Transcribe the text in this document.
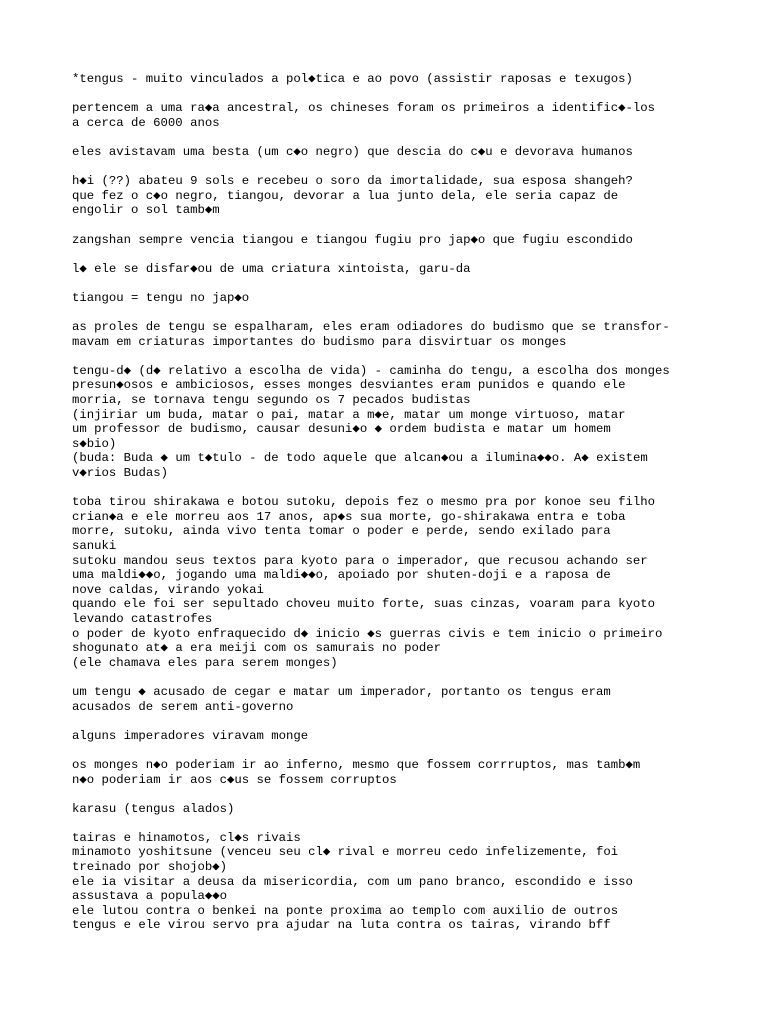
*tengus - muito vinculados a pol◆tica e ao povo (assistir raposas e texugos)
pertencem a uma ra◆a ancestral, os chineses foram os primeiros a identific◆-los
a cerca de 6000 anos
eles avistavam uma besta (um c◆o negro) que descia do c◆u e devorava humanos
h◆i (??) abateu 9 sols e recebeu o soro da imortalidade, sua esposa shangeh?
que fez o c◆o negro, tiangou, devorar a lua junto dela, ele seria capaz de
engolir o sol tamb◆m
zangshan sempre vencia tiangou e tiangou fugiu pro jap◆o que fugiu escondido
l◆ ele se disfar◆ou de uma criatura xintoista, garu-da
tiangou = tengu no jap◆o
as proles de tengu se espalharam, eles eram odiadores do budismo que se transfor-
mavam em criaturas importantes do budismo para disvirtuar os monges
tengu-d◆ (d◆ relativo a escolha de vida) - caminha do tengu, a escolha dos monges
presun◆osos e ambiciosos, esses monges desviantes eram punidos e quando ele
morria, se tornava tengu segundo os 7 pecados budistas
(injiriar um buda, matar o pai, matar a m◆e, matar um monge virtuoso, matar
um professor de budismo, causar desuni◆o ◆ ordem budista e matar um homem
s◆bio)
(buda: Buda ◆ um t◆tulo - de todo aquele que alcan◆ou a ilumina◆◆o. A◆ existem
v◆rios Budas)
toba tirou shirakawa e botou sutoku, depois fez o mesmo pra por konoe seu filho
crian◆a e ele morreu aos 17 anos, ap◆s sua morte, go-shirakawa entra e toba
morre, sutoku, ainda vivo tenta tomar o poder e perde, sendo exilado para
sanuki
sutoku mandou seus textos para kyoto para o imperador, que recusou achando ser
uma maldi◆◆o, jogando uma maldi◆◆o, apoiado por shuten-doji e a raposa de
nove caldas, virando yokai
quando ele foi ser sepultado choveu muito forte, suas cinzas, voaram para kyoto
levando catastrofes
o poder de kyoto enfraquecido d◆ inicio ◆s guerras civis e tem inicio o primeiro
shogunato at◆ a era meiji com os samurais no poder
(ele chamava eles para serem monges)
um tengu ◆ acusado de cegar e matar um imperador, portanto os tengus eram
acusados de serem anti-governo
alguns imperadores viravam monge
os monges n◆o poderiam ir ao inferno, mesmo que fossem corrruptos, mas tamb◆m
n◆o poderiam ir aos c◆us se fossem corruptos
karasu (tengus alados)
tairas e hinamotos, cl◆s rivais
minamoto yoshitsune (venceu seu cl◆ rival e morreu cedo infelizemente, foi
treinado por shojob◆)
ele ia visitar a deusa da misericordia, com um pano branco, escondido e isso
assustava a popula◆◆o
ele lutou contra o benkei na ponte proxima ao templo com auxilio de outros
tengus e ele virou servo pra ajudar na luta contra os tairas, virando bff
